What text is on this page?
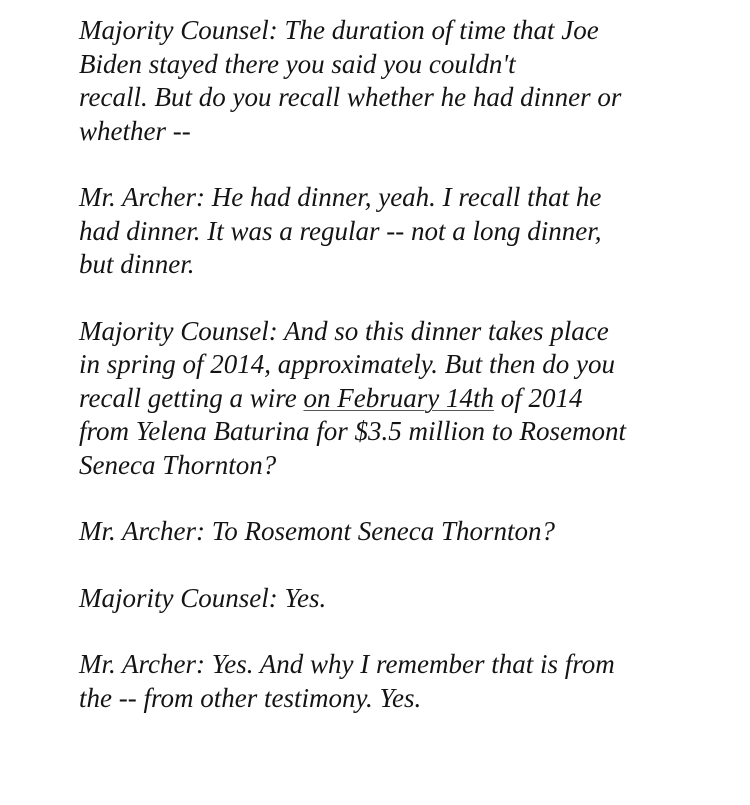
Majority Counsel: The duration of time that Joe
Biden stayed there you said you couldn't
recall. But do you recall whether he had dinner or
whether --

Mr. Archer: He had dinner, yeah. I recall that he
had dinner. It was a regular -- not a long dinner,
but dinner.

Majority Counsel: And so this dinner takes place
in spring of 2014, approximately. But then do you
recall getting a wire on February 14th of 2014
from Yelena Baturina for $3.5 million to Rosemont
Seneca Thornton?

Mr. Archer: To Rosemont Seneca Thornton?

Majority Counsel: Yes.

Mr. Archer: Yes. And why I remember that is from
the -- from other testimony. Yes.
